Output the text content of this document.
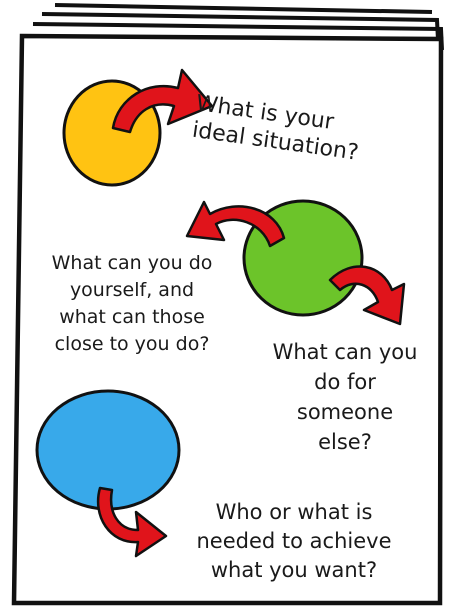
What is your
ideal situation?
What can you do
yourself, and
what can those
close to you do?	What can you
do for
someone
else?
Who or what is
needed to achieve
what you want?
